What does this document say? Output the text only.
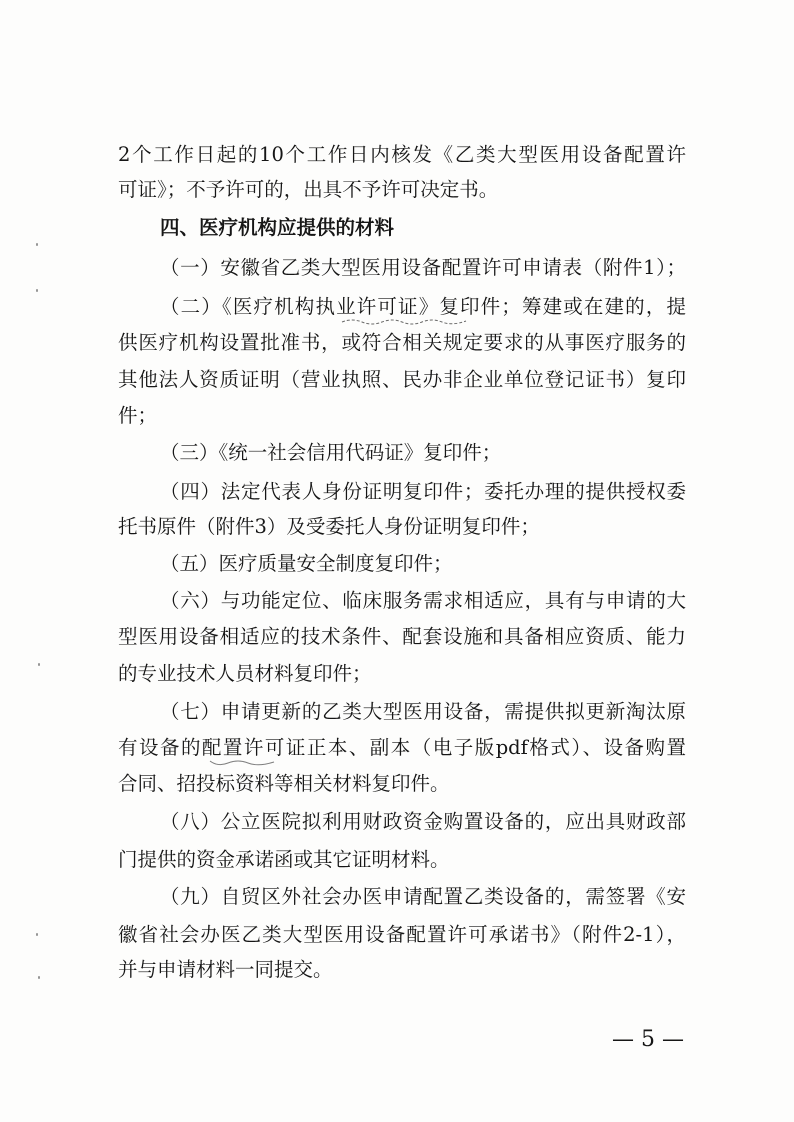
2个工作日起的10个工作日内核发《乙类大型医用设备配置许
可证》；不予许可的，出具不予许可决定书。
四、医疗机构应提供的材料
（一）安徽省乙类大型医用设备配置许可申请表（附件1）；
（二）《医疗机构执业许可证》复印件；筹建或在建的，提
供医疗机构设置批准书，或符合相关规定要求的从事医疗服务的
其他法人资质证明（营业执照、民办非企业单位登记证书）复印
件；
（三）《统一社会信用代码证》复印件；
（四）法定代表人身份证明复印件；委托办理的提供授权委
托书原件（附件3）及受委托人身份证明复印件；
（五）医疗质量安全制度复印件；
（六）与功能定位、临床服务需求相适应，具有与申请的大
型医用设备相适应的技术条件、配套设施和具备相应资质、能力
的专业技术人员材料复印件；
（七）申请更新的乙类大型医用设备，需提供拟更新淘汰原
有设备的配置许可证正本、副本（电子版pdf格式）、设备购置
合同、招投标资料等相关材料复印件。
（八）公立医院拟利用财政资金购置设备的，应出具财政部
门提供的资金承诺函或其它证明材料。
（九）自贸区外社会办医申请配置乙类设备的，需签署《安
徽省社会办医乙类大型医用设备配置许可承诺书》（附件2-1），
并与申请材料一同提交。
— 5 —
